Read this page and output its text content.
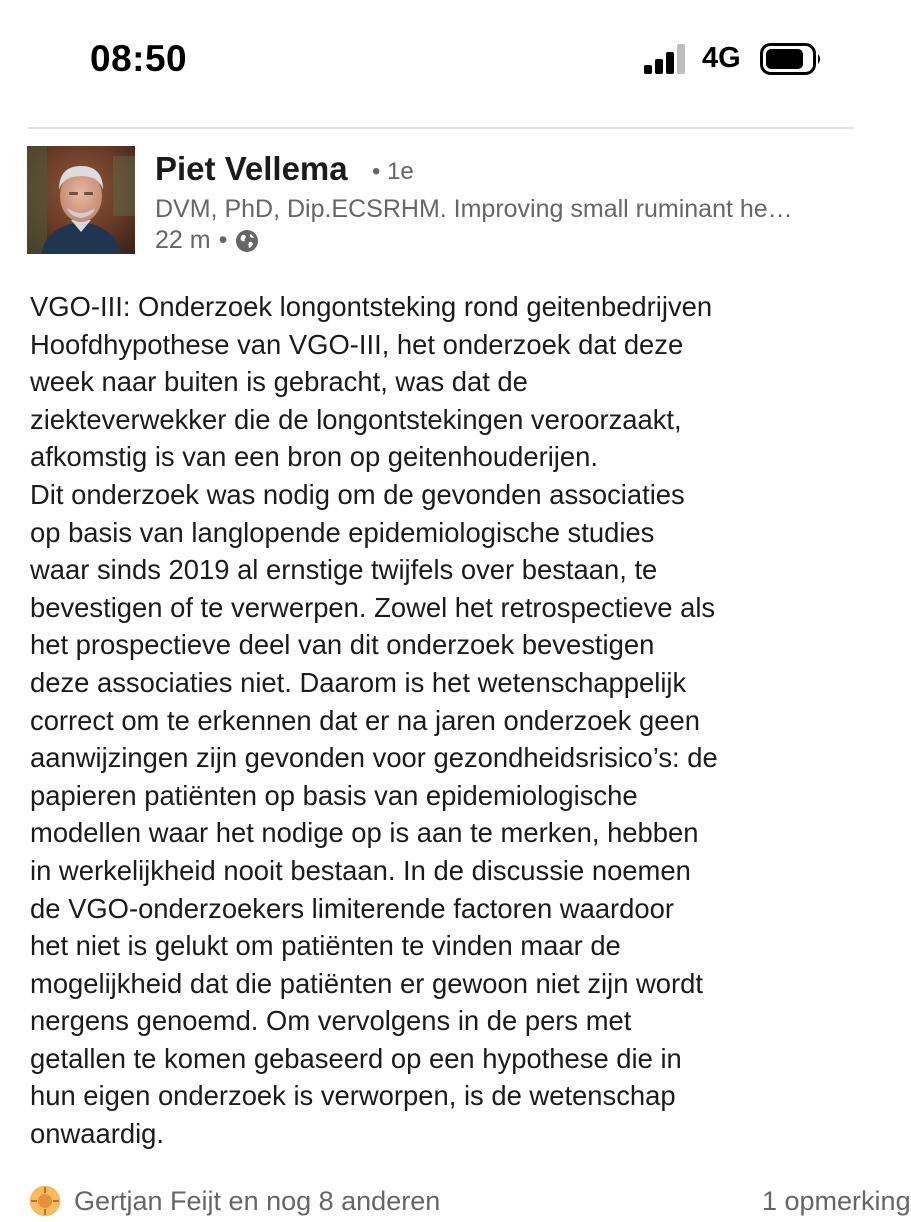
08:50	4G
Piet Vellema • 1e
DVM, PhD, Dip.ECSRHM. Improving small ruminant he…
22 m •
VGO-III: Onderzoek longontsteking rond geitenbedrijven
Hoofdhypothese van VGO-III, het onderzoek dat deze
week naar buiten is gebracht, was dat de
ziekteverwekker die de longontstekingen veroorzaakt,
afkomstig is van een bron op geitenhouderijen.
Dit onderzoek was nodig om de gevonden associaties
op basis van langlopende epidemiologische studies
waar sinds 2019 al ernstige twijfels over bestaan, te
bevestigen of te verwerpen. Zowel het retrospectieve als
het prospectieve deel van dit onderzoek bevestigen
deze associaties niet. Daarom is het wetenschappelijk
correct om te erkennen dat er na jaren onderzoek geen
aanwijzingen zijn gevonden voor gezondheidsrisico’s: de
papieren patiënten op basis van epidemiologische
modellen waar het nodige op is aan te merken, hebben
in werkelijkheid nooit bestaan. In de discussie noemen
de VGO-onderzoekers limiterende factoren waardoor
het niet is gelukt om patiënten te vinden maar de
mogelijkheid dat die patiënten er gewoon niet zijn wordt
nergens genoemd. Om vervolgens in de pers met
getallen te komen gebaseerd op een hypothese die in
hun eigen onderzoek is verworpen, is de wetenschap
onwaardig.
Gertjan Feijt en nog 8 anderen	1 opmerking
